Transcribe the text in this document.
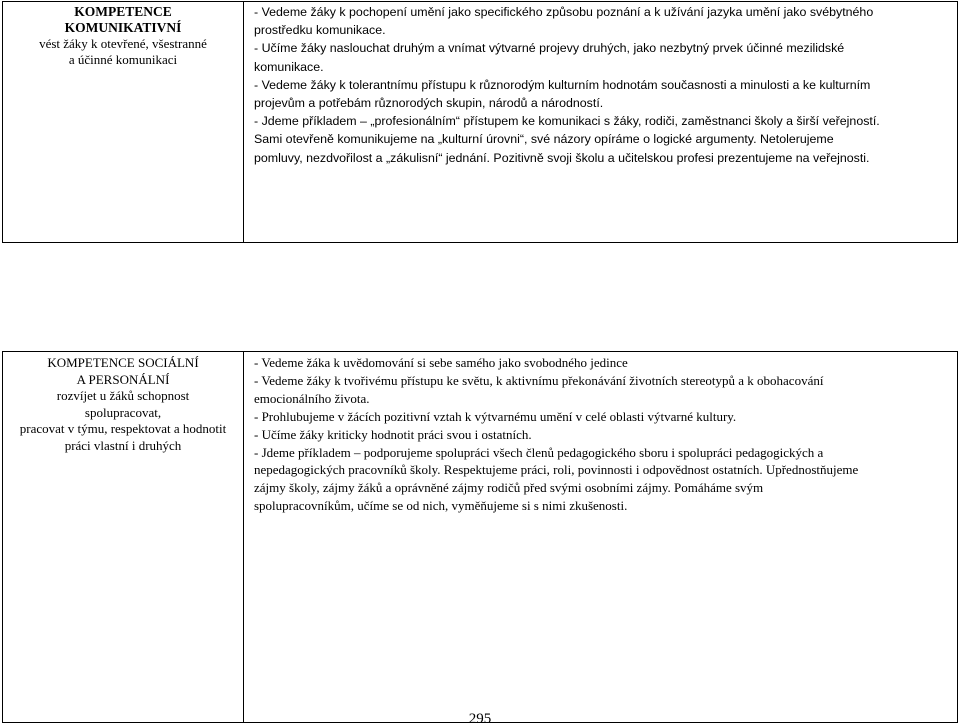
KOMPETENCE
KOMUNIKATIVNÍ
vést žáky k otevřené, všestranné
a účinné komunikaci

- Vedeme žáky k pochopení umění jako specifického způsobu poznání a k užívání jazyka umění jako svébytného
prostředku komunikace.
- Učíme žáky naslouchat druhým a vnímat výtvarné projevy druhých, jako nezbytný prvek účinné mezilidské
komunikace.
- Vedeme žáky k tolerantnímu přístupu k různorodým kulturním hodnotám současnosti a minulosti a ke kulturním
projevům a potřebám různorodých skupin, národů a národností.
- Jdeme příkladem – „profesionálním“ přístupem ke komunikaci s žáky, rodiči, zaměstnanci školy a širší veřejností.
Sami otevřeně komunikujeme na „kulturní úrovni“, své názory opíráme o logické argumenty. Netolerujeme
pomluvy, nezdvořilost a „zákulisní“ jednání. Pozitivně svoji školu a učitelskou profesi prezentujeme na veřejnosti.
KOMPETENCE SOCIÁLNÍ
A PERSONÁLNÍ
rozvíjet u žáků schopnost
spolupracovat,
pracovat v týmu, respektovat a hodnotit
práci vlastní i druhých

- Vedeme žáka k uvědomování si sebe samého jako svobodného jedince
- Vedeme žáky k tvořivému přístupu ke světu, k aktivnímu překonávání životních stereotypů a k obohacování
emocionálního života.
- Prohlubujeme v žácích pozitivní vztah k výtvarnému umění v celé oblasti výtvarné kultury.
- Učíme žáky kriticky hodnotit práci svou i ostatních.
- Jdeme příkladem – podporujeme spolupráci všech členů pedagogického sboru i spolupráci pedagogických a
nepedagogických pracovníků školy. Respektujeme práci, roli, povinnosti i odpovědnost ostatních. Upřednostňujeme
zájmy školy, zájmy žáků a oprávněné zájmy rodičů před svými osobními zájmy. Pomáháme svým
spolupracovníkům, učíme se od nich, vyměňujeme si s nimi zkušenosti.
295
